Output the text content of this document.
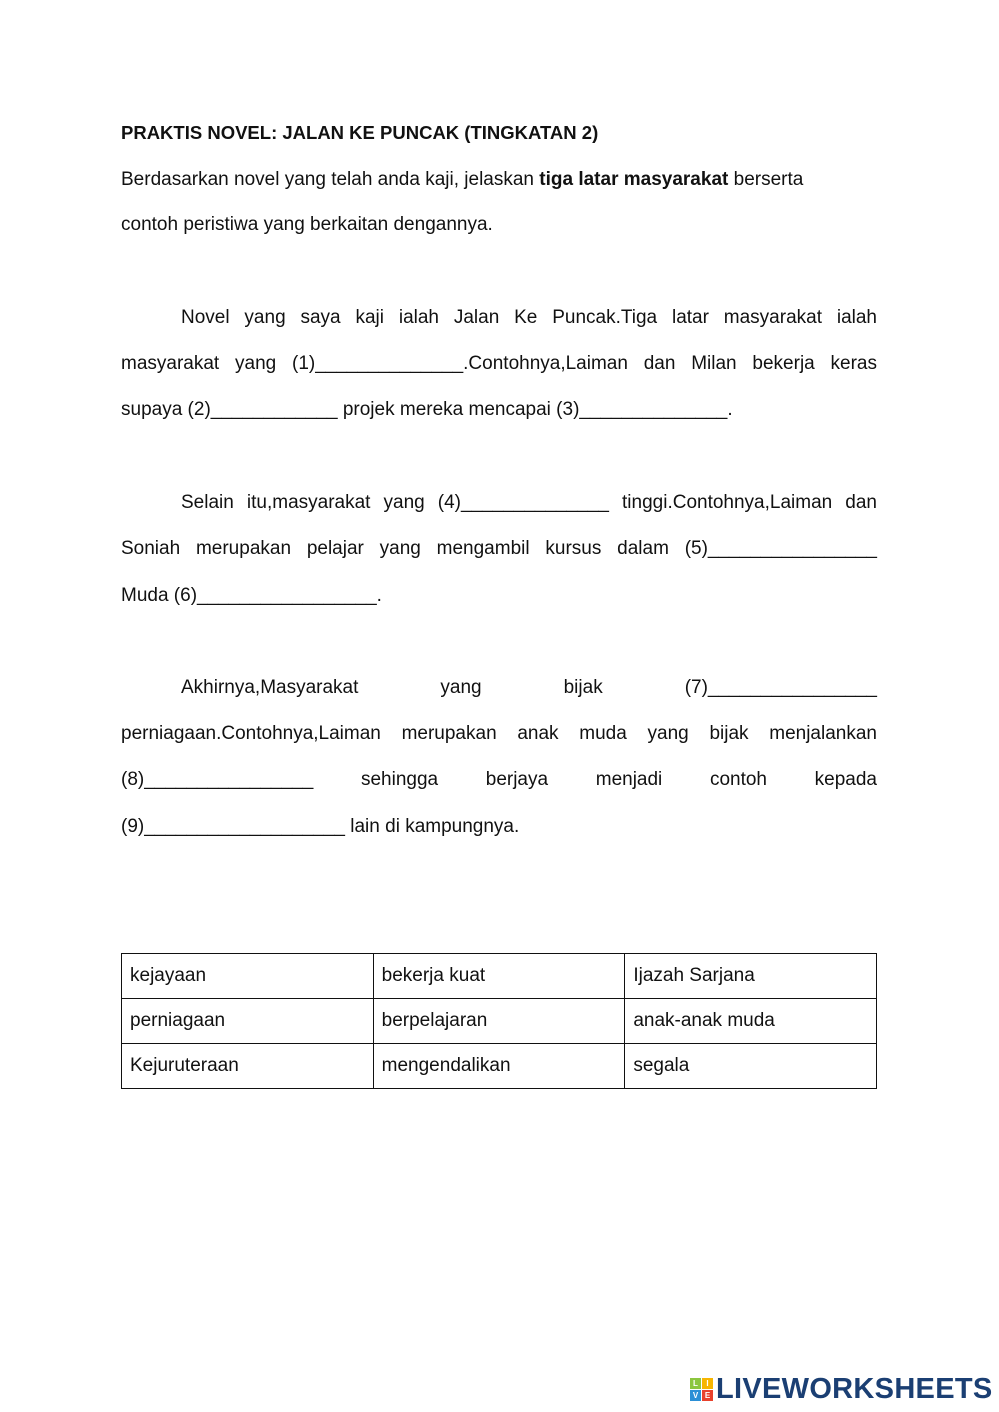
PRAKTIS NOVEL: JALAN KE PUNCAK (TINGKATAN 2)
Berdasarkan novel yang telah anda kaji, jelaskan tiga latar masyarakat berserta
contoh peristiwa yang berkaitan dengannya.
Novel yang saya kaji ialah Jalan Ke Puncak.Tiga latar masyarakat ialah
masyarakat yang (1)______________.Contohnya,Laiman dan Milan bekerja keras
supaya (2)____________ projek mereka mencapai (3)______________.
Selain itu,masyarakat yang (4)______________ tinggi.Contohnya,Laiman dan
Soniah merupakan pelajar yang mengambil kursus dalam (5)________________
Muda (6)_________________.
Akhirnya,Masyarakat yang bijak (7)________________
perniagaan.Contohnya,Laiman merupakan anak muda yang bijak menjalankan
(8)________________ sehingga berjaya menjadi contoh kepada
(9)___________________ lain di kampungnya.
kejayaan	bekerja kuat	Ijazah Sarjana
perniagaan	berpelajaran	anak-anak muda
Kejuruteraan	mengendalikan	segala
L	I
V E LIVEWORKSHEETS
